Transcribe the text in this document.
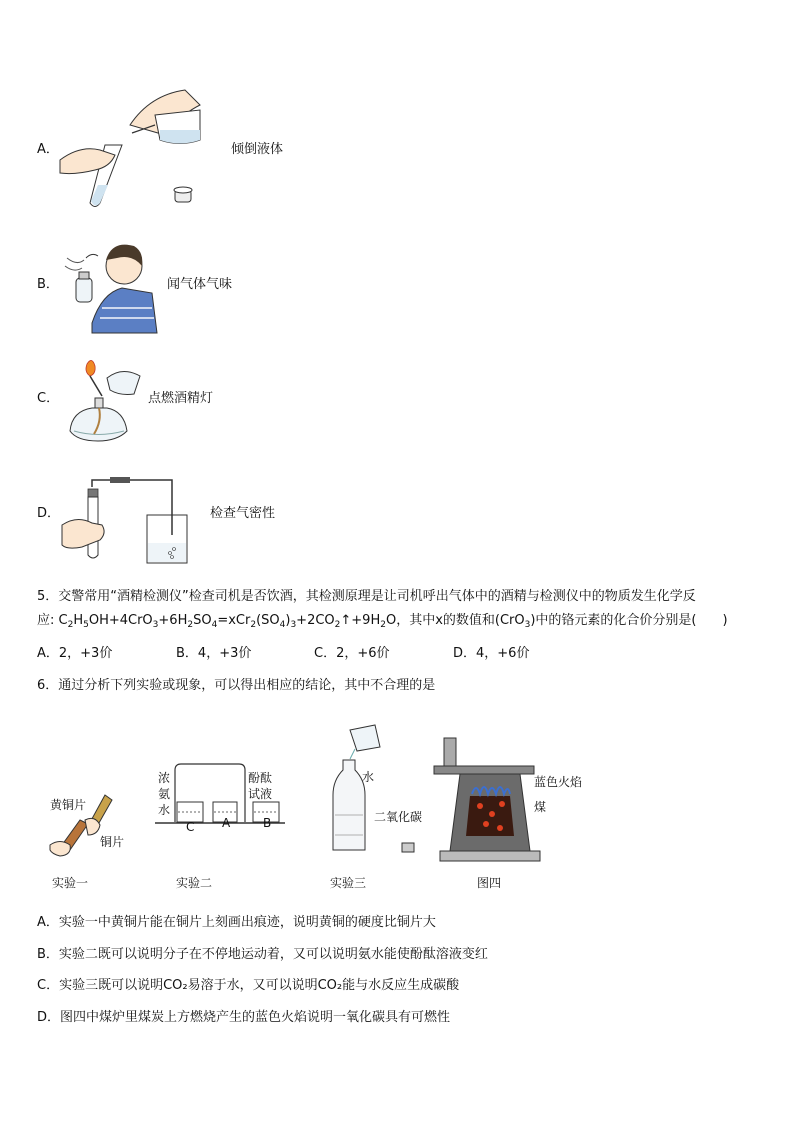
A．	倾倒液体
B．	闻气体气味
C．	点燃酒精灯
D．	检查气密性
5．交警常用“酒精检测仪”检查司机是否饮酒，其检测原理是让司机呼出气体中的酒精与检测仪中的物质发生化学反
应: $C_2H_5OH+4CrO_3+6H_2SO_4=xCr_2(SO_4)_3+2CO_2↑+9H_2O$，其中x的数值和(CrO$_3$)中的铬元素的化合价分别是(　　)
A．2，+3价	B．4，+3价	C．2，+6价	D．4，+6价
6．通过分析下列实验或现象，可以得出相应的结论，其中不合理的是
黄铜片
铜片
实验一
浓
氨
水
酚酞
试液
C A	B
实验二
水
二氧化碳
实验三
蓝色火焰
煤
图四
A．实验一中黄铜片能在铜片上刻画出痕迹，说明黄铜的硬度比铜片大
B．实验二既可以说明分子在不停地运动着，又可以说明氨水能使酚酞溶液变红
C．实验三既可以说明CO₂易溶于水，又可以说明CO₂能与水反应生成碳酸
D．图四中煤炉里煤炭上方燃烧产生的蓝色火焰说明一氧化碳具有可燃性
